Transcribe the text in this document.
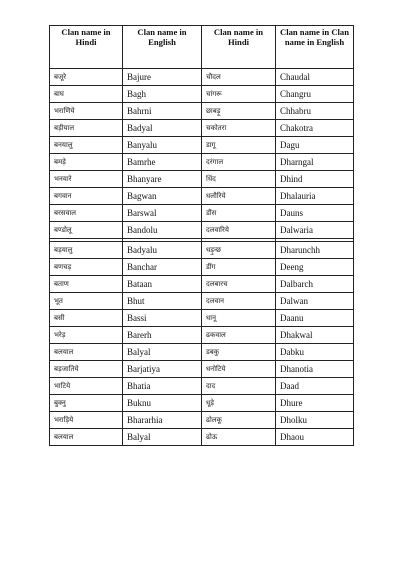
Clan name in Hindi	Clan name in English	Clan name in Hindi	Clan name in Clan name in English
बजूरे	Bajure	चौदल	Chaudal
बाघ	Bagh	चांगरू	Changru
भराणिये	Bahrni	छाबड़ू	Chhabru
बड़ीयाल	Badyal	चकोतरा	Chakotra
बनयालु	Banyalu	डागू	Dagu
बमड़े	Bamrhe	दरंगाल	Dharngal
भनयारे	Bhanyare	धिंद	Dhind
बगवान	Bagwan	धलौरिये	Dhalauria
बरसवाल	Barswal	डौंस	Dauns
बण्डोलू	Bandolu	दलवारिये	Dalwaria

बड़यालु	Badyalu	धड़ुन्छ	Dharunchh
बणचड़	Banchar	डींग	Deeng
बताण	Bataan	दलबारच	Dalbarch
भूत	Bhut	दलवान	Dalwan
बसी	Bassi	धानू	Daanu
भरेड़	Barerh	ढकवाल	Dhakwal
बलयाल	Balyal	डबकु	Dabku
बड़जातिये	Barjatiya	धनोटिये	Dhanotia
भाटिये	Bhatia	दाद	Daad
बुक्नु	Buknu	धूड़े	Dhure
भराड़िये	Bhararhia	ढोलकू	Dholku
बलयाल	Balyal	ढोऊ	Dhaou
